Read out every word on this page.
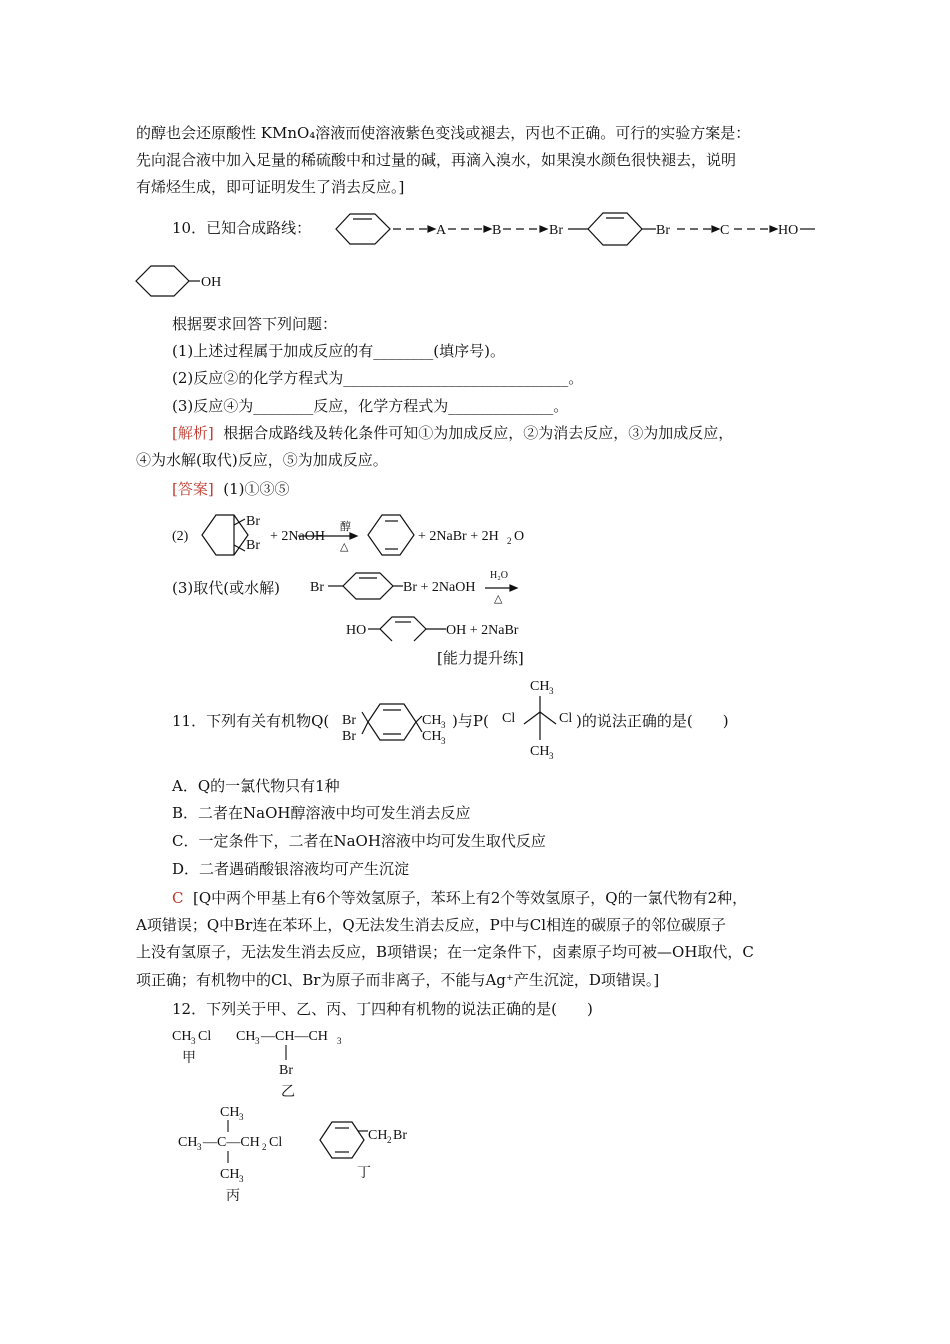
的醇也会还原酸性 KMnO₄溶液而使溶液紫色变浅或褪去，丙也不正确。可行的实验方案是：
先向混合液中加入足量的稀硫酸中和过量的碱，再滴入溴水，如果溴水颜色很快褪去，说明
有烯烃生成，即可证明发生了消去反应。]
10．已知合成路线：	A	B	Br	Br	C	HO
OH
根据要求回答下列问题：
(1)上述过程属于加成反应的有________(填序号)。
(2)反应②的化学方程式为______________________________。
(3)反应④为________反应，化学方程式为______________。
[解析] 根据合成路线及转化条件可知①为加成反应，②为消去反应，③为加成反应，
④为水解(取代)反应，⑤为加成反应。
[答案] (1)①③⑤
(2)
Br
Br
+ 2NaOH
醇
△
+ 2NaBr + 2H 2 O
(3)取代(或水解) Br	Br + 2NaOH
H₂O
△
HO	OH + 2NaBr
[能力提升练]
11．下列有关有机物Q( Br
Br
CH 3
CH 3
)与P(
CH 3
Cl	Cl
CH 3
)的说法正确的是(　　)
A．Q的一氯代物只有1种
B．二者在NaOH醇溶液中均可发生消去反应
C．一定条件下，二者在NaOH溶液中均可发生取代反应
D．二者遇硝酸银溶液均可产生沉淀
C [Q中两个甲基上有6个等效氢原子，苯环上有2个等效氢原子，Q的一氯代物有2种，
A项错误；Q中Br连在苯环上，Q无法发生消去反应，P中与Cl相连的碳原子的邻位碳原子
上没有氢原子，无法发生消去反应，B项错误；在一定条件下，卤素原子均可被—OH取代，C
项正确；有机物中的Cl、Br为原子而非离子，不能与Ag⁺产生沉淀，D项错误。]
12．下列关于甲、乙、丙、丁四种有机物的说法正确的是(　　)
CH 3 Cl
甲
CH 3 —CH—CH 3
Br
乙
CH 3
CH 3 —C—CH 2 Cl
CH 3
丙
CH 2 Br
丁
